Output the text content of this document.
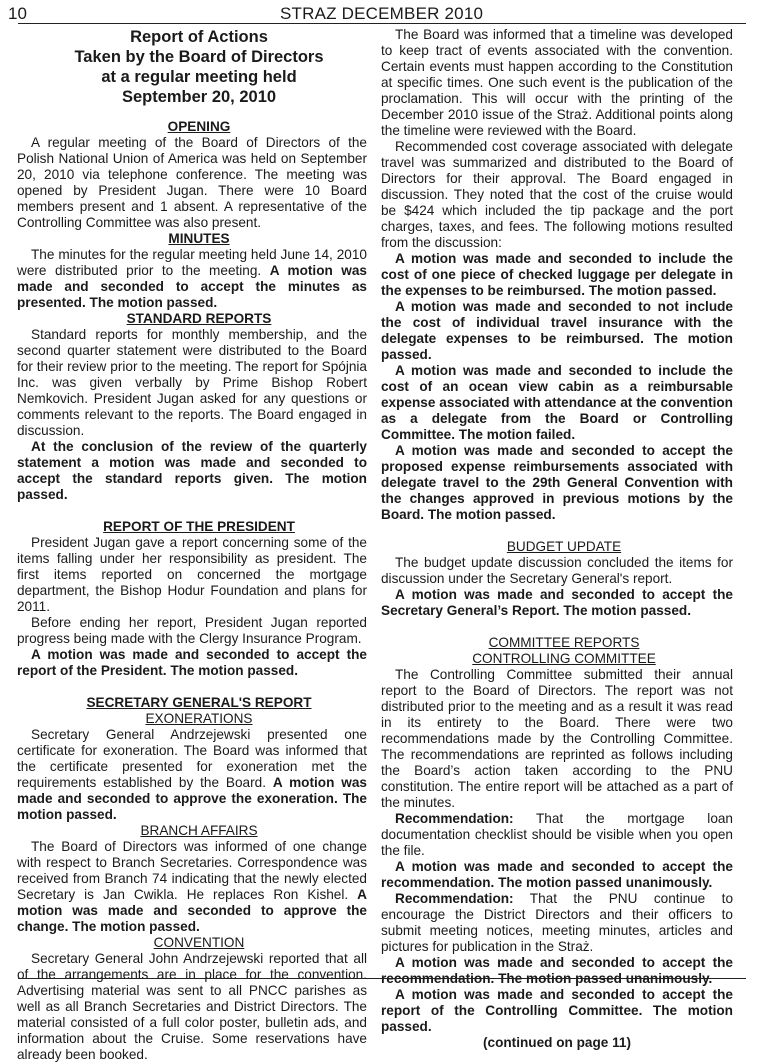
10	STRAZ DECEMBER 2010

Report of Actions

Taken by the Board of Directors

at a regular meeting held

September 20, 2010

OPENING

A regular meeting of the Board of Directors of the Polish National Union of America was held on September 20, 2010 via telephone conference. The meeting was opened by President Jugan. There were 10 Board members present and 1 absent. A representative of the Controlling Committee was also present.

MINUTES

The minutes for the regular meeting held June 14, 2010 were distributed prior to the meeting. A motion was made and seconded to accept the minutes as presented. The motion passed.

STANDARD REPORTS

Standard reports for monthly membership, and the second quarter statement were distributed to the Board for their review prior to the meeting. The report for Spójnia Inc. was given verbally by Prime Bishop Robert Nemkovich. President Jugan asked for any questions or comments relevant to the reports. The Board engaged in discussion.

At the conclusion of the review of the quarterly statement a motion was made and seconded to accept the standard reports given. The motion passed.

REPORT OF THE PRESIDENT

President Jugan gave a report concerning some of the items falling under her responsibility as president. The first items reported on concerned the mortgage department, the Bishop Hodur Foundation and plans for 2011.

Before ending her report, President Jugan reported progress being made with the Clergy Insurance Program.

A motion was made and seconded to accept the report of the President. The motion passed.

SECRETARY GENERAL'S REPORT

EXONERATIONS

Secretary General Andrzejewski presented one certificate for exoneration. The Board was informed that the certificate presented for exoneration met the requirements established by the Board. A motion was made and seconded to approve the exoneration. The motion passed.

BRANCH AFFAIRS

The Board of Directors was informed of one change with respect to Branch Secretaries. Correspondence was received from Branch 74 indicating that the newly elected Secretary is Jan Cwikla. He replaces Ron Kishel. A motion was made and seconded to approve the change. The motion passed.

CONVENTION

Secretary General John Andrzejewski reported that all of the arrangements are in place for the convention. Advertising material was sent to all PNCC parishes as well as all Branch Secretaries and District Directors. The material consisted of a full color poster, bulletin ads, and information about the Cruise. Some reservations have already been booked.

The Board was informed that a timeline was developed to keep tract of events associated with the convention. Certain events must happen according to the Constitution at specific times. One such event is the publication of the proclamation. This will occur with the printing of the December 2010 issue of the Straż. Additional points along the timeline were reviewed with the Board.

Recommended cost coverage associated with delegate travel was summarized and distributed to the Board of Directors for their approval. The Board engaged in discussion. They noted that the cost of the cruise would be $424 which included the tip package and the port charges, taxes, and fees. The following motions resulted from the discussion:

A motion was made and seconded to include the cost of one piece of checked luggage per delegate in the expenses to be reimbursed. The motion passed.

A motion was made and seconded to not include the cost of individual travel insurance with the delegate expenses to be reimbursed. The motion passed.

A motion was made and seconded to include the cost of an ocean view cabin as a reimbursable expense associated with attendance at the convention as a delegate from the Board or Controlling Committee. The motion failed.

A motion was made and seconded to accept the proposed expense reimbursements associated with delegate travel to the 29th General Convention with the changes approved in previous motions by the Board. The motion passed.

BUDGET UPDATE

The budget update discussion concluded the items for discussion under the Secretary General's report.

A motion was made and seconded to accept the Secretary General’s Report. The motion passed.

COMMITTEE REPORTS

CONTROLLING COMMITTEE

The Controlling Committee submitted their annual report to the Board of Directors. The report was not distributed prior to the meeting and as a result it was read in its entirety to the Board. There were two recommendations made by the Controlling Committee. The recommendations are reprinted as follows including the Board’s action taken according to the PNU constitution. The entire report will be attached as a part of the minutes.

Recommendation: That the mortgage loan documentation checklist should be visible when you open the file.

A motion was made and seconded to accept the recommendation. The motion passed unanimously.

Recommendation: That the PNU continue to encourage the District Directors and their officers to submit meeting notices, meeting minutes, articles and pictures for publication in the Straż.

A motion was made and seconded to accept the recommendation. The motion passed unanimously.

A motion was made and seconded to accept the report of the Controlling Committee. The motion passed.

(continued on page 11)
